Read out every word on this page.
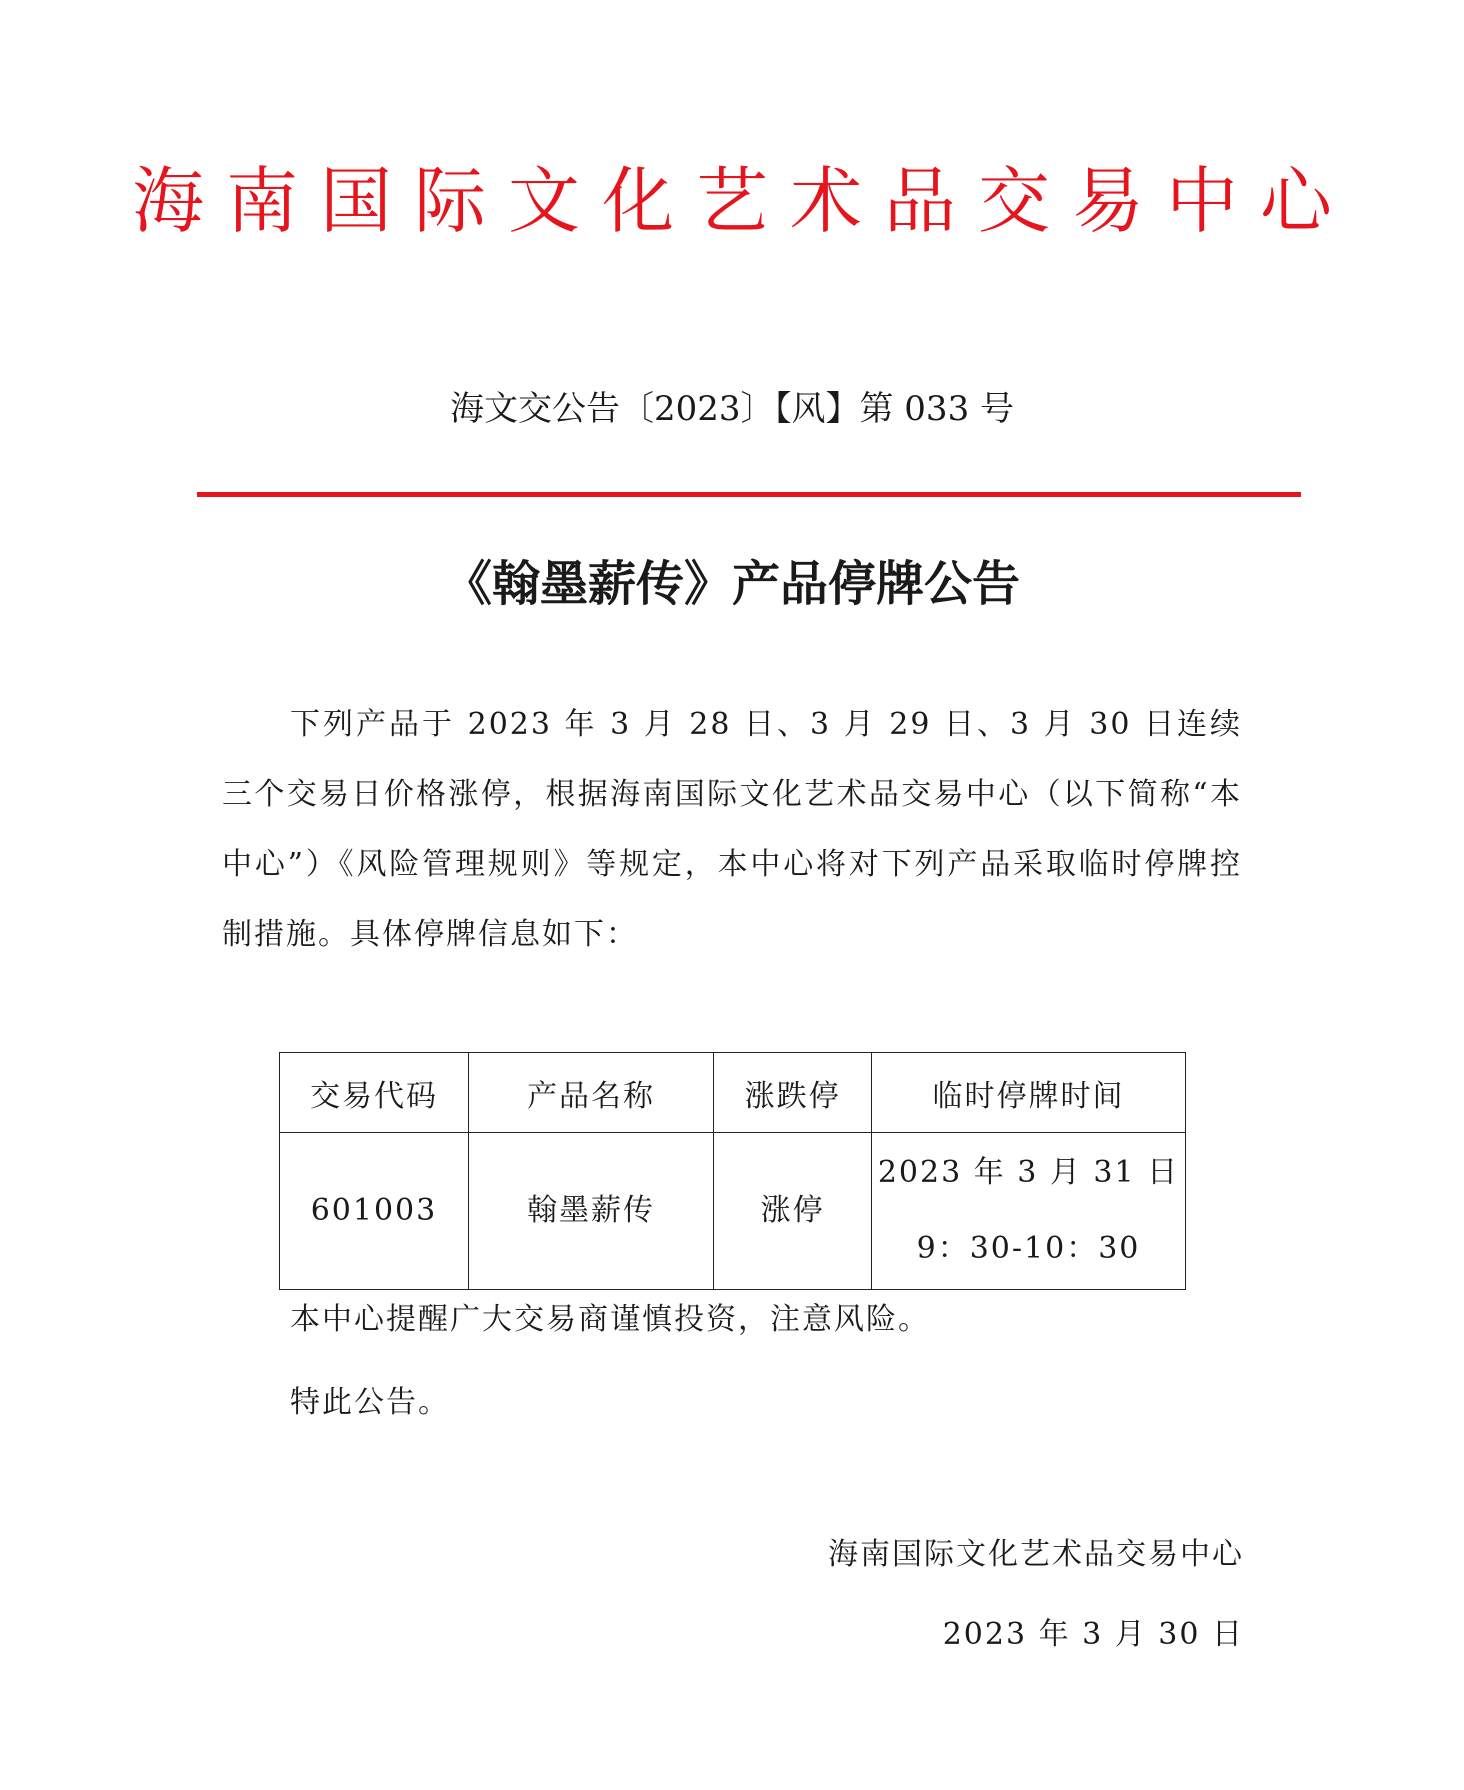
海南国际文化艺术品交易中心
海文交公告〔2023〕【风】第 033 号
《翰墨薪传》产品停牌公告
下列产品于 2023 年 3 月 28 日、3 月 29 日、3 月 30 日连续三个交易日价格涨停，根据海南国际文化艺术品交易中心（以下简称“本中心”）《风险管理规则》等规定，本中心将对下列产品采取临时停牌控制措施。具体停牌信息如下：
交易代码	产品名称	涨跌停	临时停牌时间
601003	翰墨薪传	涨停	2023 年 3 月 31 日
9：30-10：30
本中心提醒广大交易商谨慎投资，注意风险。
特此公告。
海南国际文化艺术品交易中心
2023 年 3 月 30 日
